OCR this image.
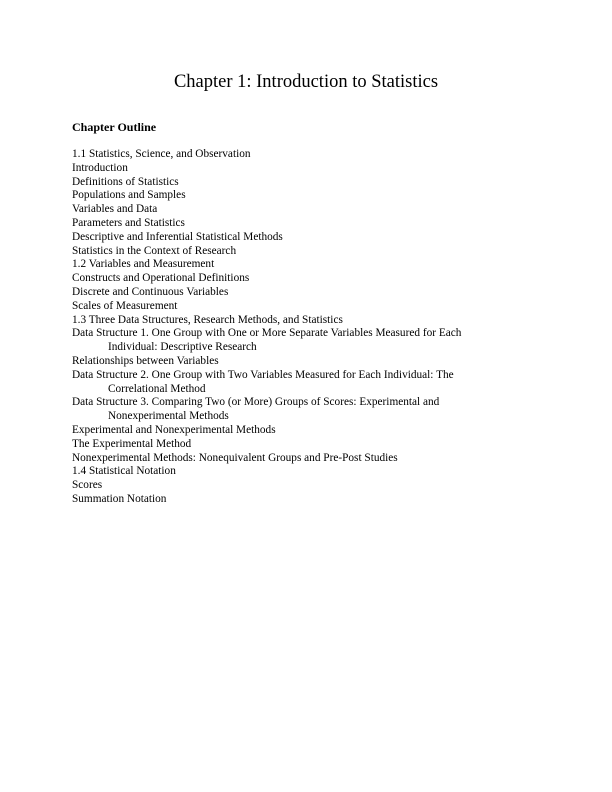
Chapter 1: Introduction to Statistics
Chapter Outline
1.1 Statistics, Science, and Observation
Introduction
Definitions of Statistics
Populations and Samples
Variables and Data
Parameters and Statistics
Descriptive and Inferential Statistical Methods
Statistics in the Context of Research
1.2 Variables and Measurement
Constructs and Operational Definitions
Discrete and Continuous Variables
Scales of Measurement
1.3 Three Data Structures, Research Methods, and Statistics
Data Structure 1. One Group with One or More Separate Variables Measured for Each
Individual: Descriptive Research
Relationships between Variables
Data Structure 2. One Group with Two Variables Measured for Each Individual: The
Correlational Method
Data Structure 3. Comparing Two (or More) Groups of Scores: Experimental and
Nonexperimental Methods
Experimental and Nonexperimental Methods
The Experimental Method
Nonexperimental Methods: Nonequivalent Groups and Pre-Post Studies
1.4 Statistical Notation
Scores
Summation Notation
